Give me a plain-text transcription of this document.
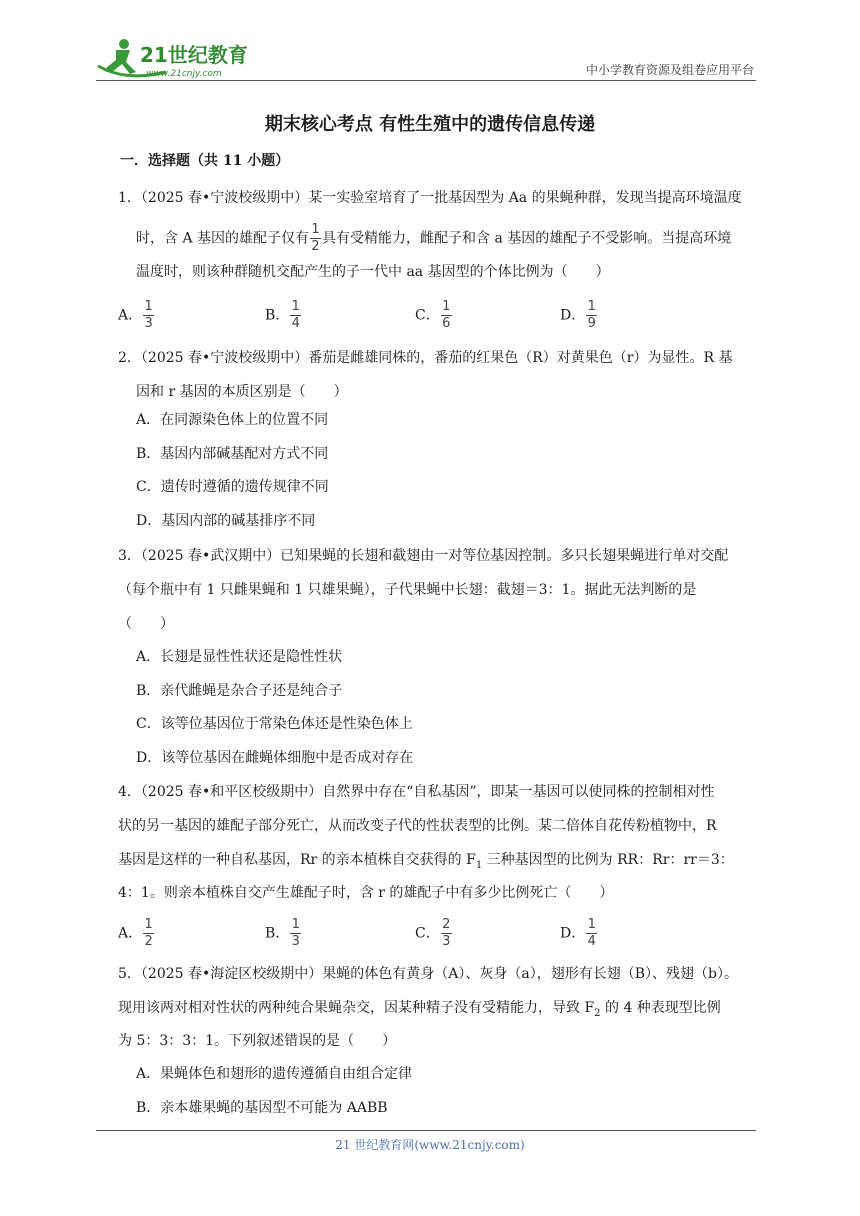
21世纪教育
www.21cnjy.com	中小学教育资源及组卷应用平台
期末核心考点 有性生殖中的遗传信息传递
一．选择题（共 11 小题）
1．（2025 春•宁波校级期中）某一实验室培育了一批基因型为 Aa 的果蝇种群，发现当提高环境温度
时，含 A 基因的雄配子仅有 $\frac{1}{2}$ 具有受精能力，雌配子和含 a 基因的雄配子不受影响。当提高环境
温度时，则该种群随机交配产生的子一代中 aa 基因型的个体比例为（　　）
A． $\frac{1}{3}$	B． $\frac{1}{4}$	C． $\frac{1}{6}$	D． $\frac{1}{9}$
2．（2025 春•宁波校级期中）番茄是雌雄同株的，番茄的红果色（R）对黄果色（r）为显性。R 基
因和 r 基因的本质区别是（　　）
A．在同源染色体上的位置不同
B．基因内部碱基配对方式不同
C．遗传时遵循的遗传规律不同
D．基因内部的碱基排序不同
3．（2025 春•武汉期中）已知果蝇的长翅和截翅由一对等位基因控制。多只长翅果蝇进行单对交配
（每个瓶中有 1 只雌果蝇和 1 只雄果蝇），子代果蝇中长翅：截翅＝3：1。据此无法判断的是
（　　）
A．长翅是显性性状还是隐性性状
B．亲代雌蝇是杂合子还是纯合子
C．该等位基因位于常染色体还是性染色体上
D．该等位基因在雌蝇体细胞中是否成对存在
4．（2025 春•和平区校级期中）自然界中存在“自私基因”，即某一基因可以使同株的控制相对性
状的另一基因的雄配子部分死亡，从而改变子代的性状表型的比例。某二倍体自花传粉植物中，R
基因是这样的一种自私基因，Rr 的亲本植株自交获得的 $F_1$ 三种基因型的比例为 RR：Rr：rr＝3：
4：1。则亲本植株自交产生雄配子时，含 r 的雄配子中有多少比例死亡（　　）
A． $\frac{1}{2}$	B． $\frac{1}{3}$	C． $\frac{2}{3}$	D． $\frac{1}{4}$
5．（2025 春•海淀区校级期中）果蝇的体色有黄身（A）、灰身（a），翅形有长翅（B）、残翅（b）。
现用该两对相对性状的两种纯合果蝇杂交，因某种精子没有受精能力，导致 $F_2$ 的 4 种表现型比例
为 5：3：3：1。下列叙述错误的是（　　）
A．果蝇体色和翅形的遗传遵循自由组合定律
B．亲本雄果蝇的基因型不可能为 AABB
21 世纪教育网(www.21cnjy.com)
